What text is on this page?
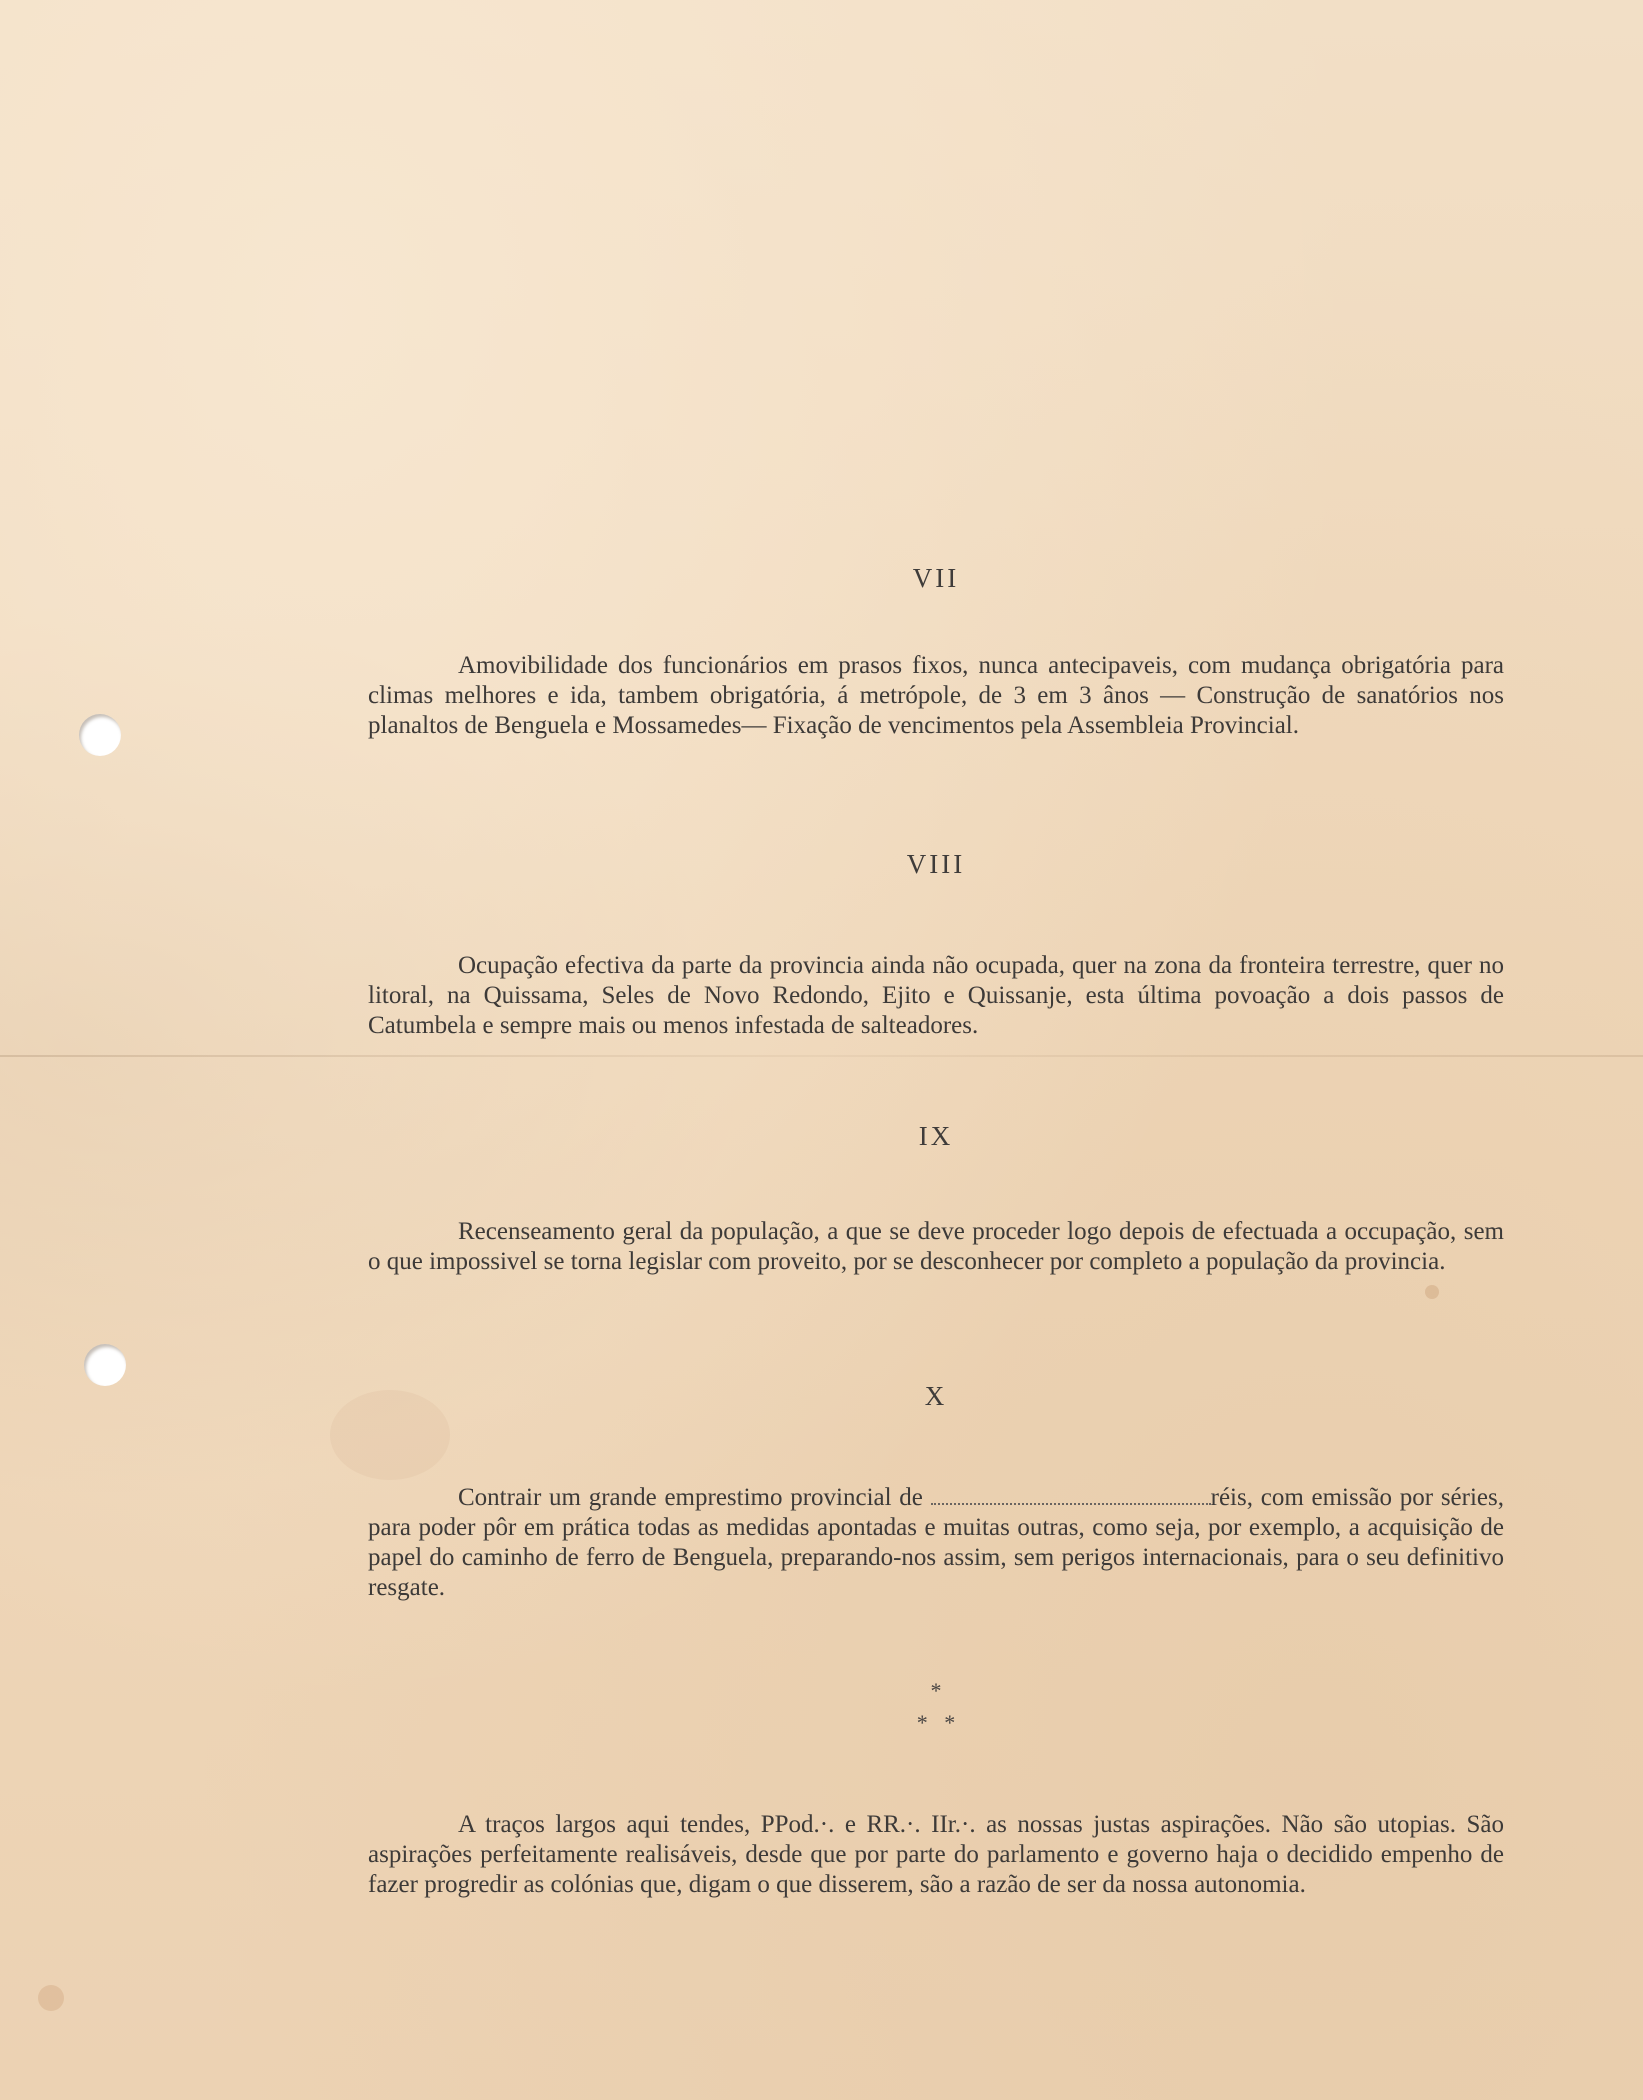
VII

Amovibilidade dos funcionários em prasos fixos, nunca antecipaveis, com mudança obrigatória para climas melhores e ida, tambem obrigatória, á metrópole, de 3 em 3 ânos — Construção de sanatórios nos planaltos de Benguela e Mossamedes— Fixação de vencimentos pela Assembleia Provincial.

VIII

Ocupação efectiva da parte da provincia ainda não ocupada, quer na zona da fronteira terrestre, quer no litoral, na Quissama, Seles de Novo Redondo, Ejito e Quissanje, esta última povoação a dois passos de Catumbela e sempre mais ou menos infestada de salteadores.

IX

Recenseamento geral da população, a que se deve proceder logo depois de efectuada a occupação, sem o que impossivel se torna legislar com proveito, por se desconhecer por completo a população da provincia.

X

Contrair um grande emprestimo provincial de	réis, com emissão por séries, para poder pôr em prática todas as medidas apontadas e muitas outras, como seja, por exemplo, a acquisição de papel do caminho de ferro de Benguela, preparando-nos assim, sem perigos internacionais, para o seu definitivo resgate.

*
*   *

A traços largos aqui tendes, PPod.·. e RR.·. IIr.·. as nossas justas aspirações. Não são utopias. São aspirações perfeitamente realisáveis, desde que por parte do parlamento e governo haja o decidido empenho de fazer progredir as colónias que, digam o que disserem, são a razão de ser da nossa autonomia.
